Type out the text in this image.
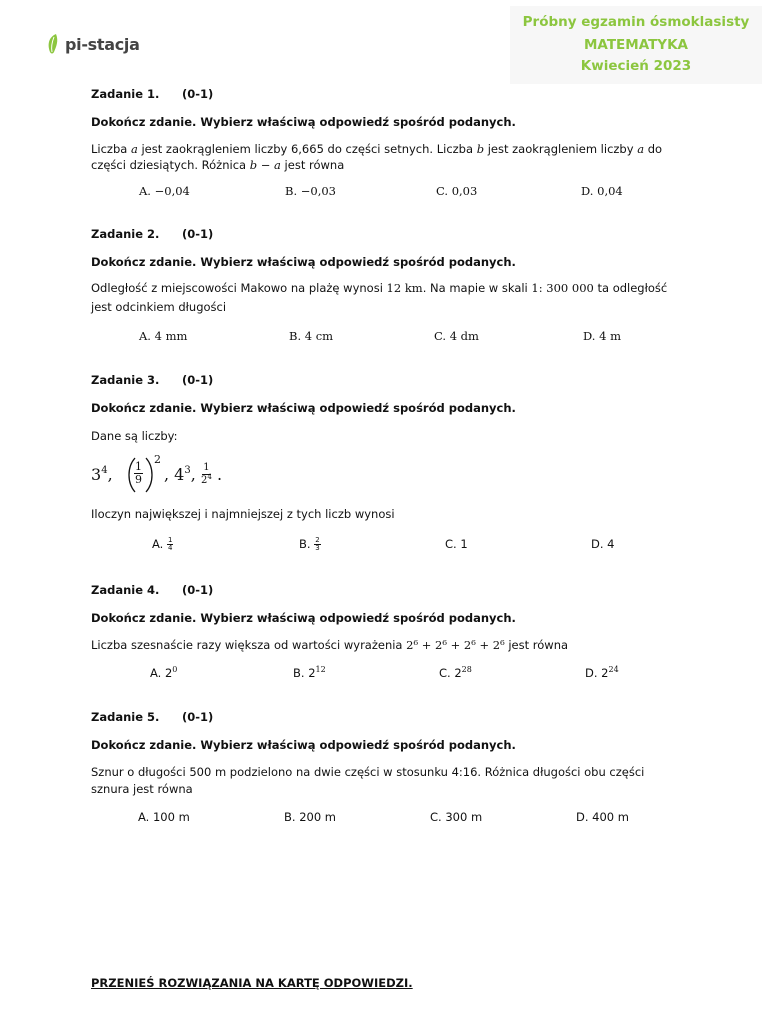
pi-stacja
Próbny egzamin ósmoklasisty
MATEMATYKA
Kwiecień 2023
Zadanie 1. (0-1)
Dokończ zdanie. Wybierz właściwą odpowiedź spośród podanych.
Liczba a jest zaokrągleniem liczby 6,665 do części setnych. Liczba b jest zaokrągleniem liczby a do
części dziesiątych. Różnica b − a jest równa
A. −0,04	B. −0,03	C. 0,03	D. 0,04
Zadanie 2. (0-1)
Dokończ zdanie. Wybierz właściwą odpowiedź spośród podanych.
Odległość z miejscowości Makowo na plażę wynosi 12 km. Na mapie w skali 1: 300 000 ta odległość
jest odcinkiem długości
A. 4 mm	B. 4 cm	C. 4 dm	D. 4 m
Zadanie 3. (0-1)
Dokończ zdanie. Wybierz właściwą odpowiedź spośród podanych.
Dane są liczby:
$3^4$, $\frac{1}{9}$
2
, $4^3$, $\frac{1}{2^4}$ .
Iloczyn największej i najmniejszej z tych liczb wynosi
A. $\frac{1}{4}$	B. $\frac{2}{3}$	C. 1	D. 4
Zadanie 4. (0-1)
Dokończ zdanie. Wybierz właściwą odpowiedź spośród podanych.
Liczba szesnaście razy większa od wartości wyrażenia 2⁶ + 2⁶ + 2⁶ + 2⁶ jest równa
A. $2^0$	B. $2^{12}$	C. $2^{28}$	D. $2^{24}$
Zadanie 5. (0-1)
Dokończ zdanie. Wybierz właściwą odpowiedź spośród podanych.
Sznur o długości 500 m podzielono na dwie części w stosunku 4:16. Różnica długości obu części
sznura jest równa
A. 100 m	B. 200 m	C. 300 m	D. 400 m
PRZENIEŚ ROZWIĄZANIA NA KARTĘ ODPOWIEDZI.
